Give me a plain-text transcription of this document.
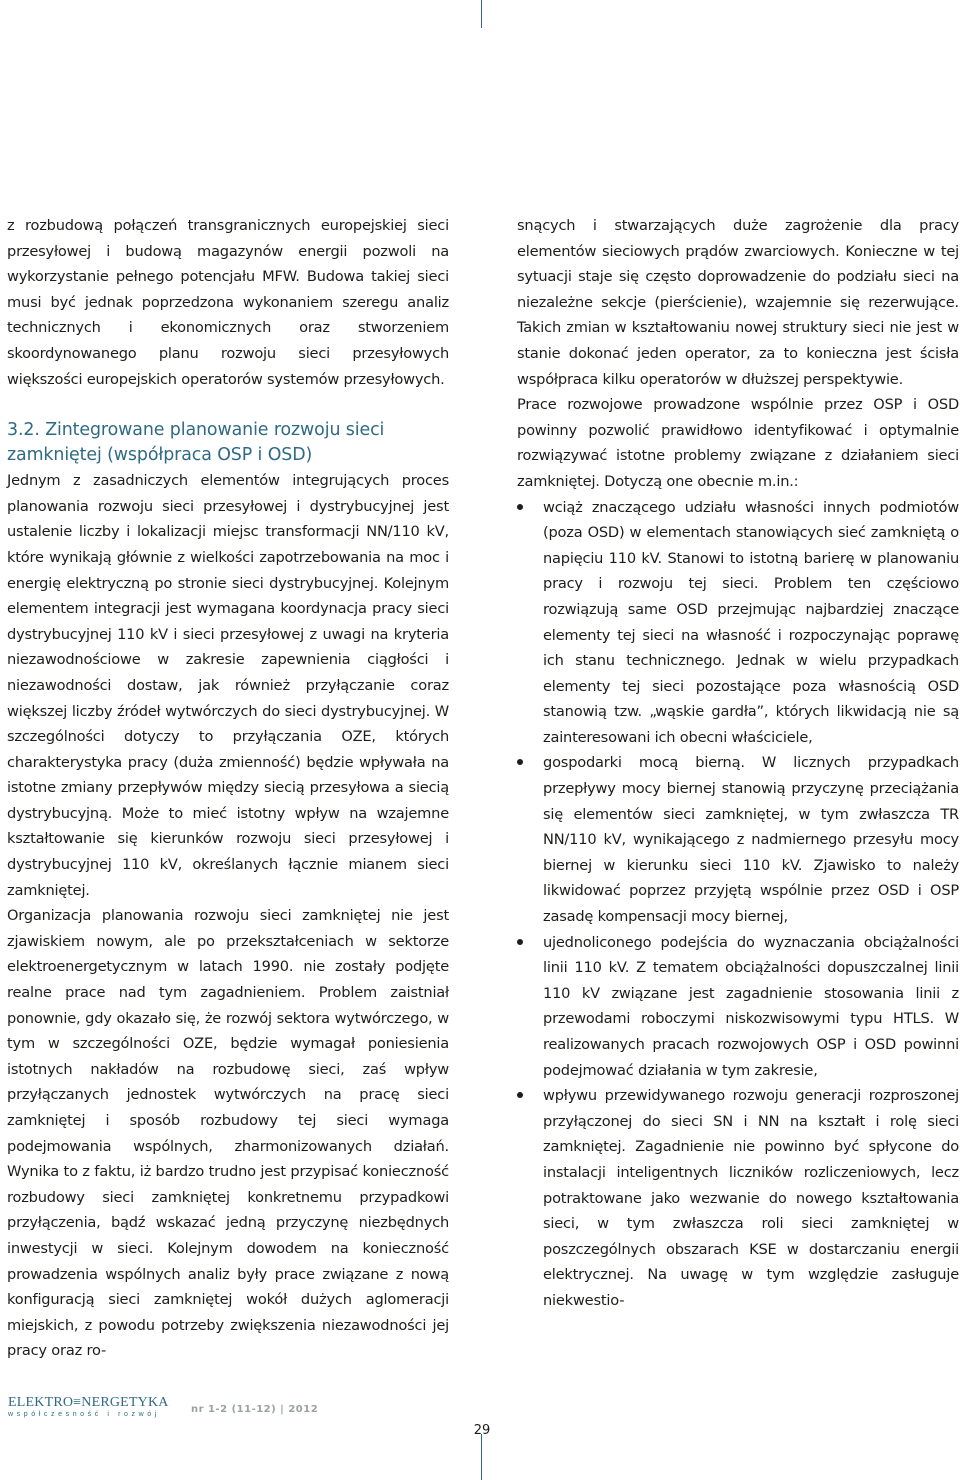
z rozbudową połączeń transgranicznych europejskiej sieci przesyłowej i budową magazynów energii pozwoli na wykorzystanie pełnego potencjału MFW. Budowa takiej sieci musi być jednak poprzedzona wykonaniem szeregu analiz technicznych i ekonomicznych oraz stworzeniem skoordynowanego planu rozwoju sieci przesyłowych większości europejskich operatorów systemów przesyłowych.

3.2. Zintegrowane planowanie rozwoju sieci zamkniętej (współpraca OSP i OSD)

Jednym z zasadniczych elementów integrujących proces planowania rozwoju sieci przesyłowej i dystrybucyjnej jest ustalenie liczby i lokalizacji miejsc transformacji NN/110 kV, które wynikają głównie z wielkości zapotrzebowania na moc i energię elektryczną po stronie sieci dystrybucyjnej. Kolejnym elementem integracji jest wymagana koordynacja pracy sieci dystrybucyjnej 110 kV i sieci przesyłowej z uwagi na kryteria niezawodnościowe w zakresie zapewnienia ciągłości i niezawodności dostaw, jak również przyłączanie coraz większej liczby źródeł wytwórczych do sieci dystrybucyjnej. W szczególności dotyczy to przyłączania OZE, których charakterystyka pracy (duża zmienność) będzie wpływała na istotne zmiany przepływów między siecią przesyłowa a siecią dystrybucyjną. Może to mieć istotny wpływ na wzajemne kształtowanie się kierunków rozwoju sieci przesyłowej i dystrybucyjnej 110 kV, określanych łącznie mianem sieci zamkniętej.

Organizacja planowania rozwoju sieci zamkniętej nie jest zjawiskiem nowym, ale po przekształceniach w sektorze elektroenergetycznym w latach 1990. nie zostały podjęte realne prace nad tym zagadnieniem. Problem zaistniał ponownie, gdy okazało się, że rozwój sektora wytwórczego, w tym w szczególności OZE, będzie wymagał poniesienia istotnych nakładów na rozbudowę sieci, zaś wpływ przyłączanych jednostek wytwórczych na pracę sieci zamkniętej i sposób rozbudowy tej sieci wymaga podejmowania wspólnych, zharmonizowanych działań. Wynika to z faktu, iż bardzo trudno jest przypisać konieczność rozbudowy sieci zamkniętej konkretnemu przypadkowi przyłączenia, bądź wskazać jedną przyczynę niezbędnych inwestycji w sieci. Kolejnym dowodem na konieczność prowadzenia wspólnych analiz były prace związane z nową konfiguracją sieci zamkniętej wokół dużych aglomeracji miejskich, z powodu potrzeby zwiększenia niezawodności jej pracy oraz ro-

snących i stwarzających duże zagrożenie dla pracy elementów sieciowych prądów zwarciowych. Konieczne w tej sytuacji staje się często doprowadzenie do podziału sieci na niezależne sekcje (pierścienie), wzajemnie się rezerwujące. Takich zmian w kształtowaniu nowej struktury sieci nie jest w stanie dokonać jeden operator, za to konieczna jest ścisła współpraca kilku operatorów w dłuższej perspektywie.

Prace rozwojowe prowadzone wspólnie przez OSP i OSD powinny pozwolić prawidłowo identyfikować i optymalnie rozwiązywać istotne problemy związane z działaniem sieci zamkniętej. Dotyczą one obecnie m.in.:

wciąż znaczącego udziału własności innych podmiotów (poza OSD) w elementach stanowiących sieć zamkniętą o napięciu 110 kV. Stanowi to istotną barierę w planowaniu pracy i rozwoju tej sieci. Problem ten częściowo rozwiązują same OSD przejmując najbardziej znaczące elementy tej sieci na własność i rozpoczynając poprawę ich stanu technicznego. Jednak w wielu przypadkach elementy tej sieci pozostające poza własnością OSD stanowią tzw. „wąskie gardła”, których likwidacją nie są zainteresowani ich obecni właściciele,
gospodarki mocą bierną. W licznych przypadkach przepływy mocy biernej stanowią przyczynę przeciążania się elementów sieci zamkniętej, w tym zwłaszcza TR NN/110 kV, wynikającego z nadmiernego przesyłu mocy biernej w kierunku sieci 110 kV. Zjawisko to należy likwidować poprzez przyjętą wspólnie przez OSD i OSP zasadę kompensacji mocy biernej,
ujednoliconego podejścia do wyznaczania obciążalności linii 110 kV. Z tematem obciążalności dopuszczalnej linii 110 kV związane jest zagadnienie stosowania linii z przewodami roboczymi niskozwisowymi typu HTLS. W realizowanych pracach rozwojowych OSP i OSD powinni podejmować działania w tym zakresie,
wpływu przewidywanego rozwoju generacji rozproszonej przyłączonej do sieci SN i NN na kształt i rolę sieci zamkniętej. Zagadnienie nie powinno być spłycone do instalacji inteligentnych liczników rozliczeniowych, lecz potraktowane jako wezwanie do nowego kształtowania sieci, w tym zwłaszcza roli sieci zamkniętej w poszczególnych obszarach KSE w dostarczaniu energii elektrycznej. Na uwagę w tym względzie zasługuje niekwestio-
ELEKTRO≡NERGETYKA
współczesność i rozwój	nr 1-2 (11-12) | 2012
29
